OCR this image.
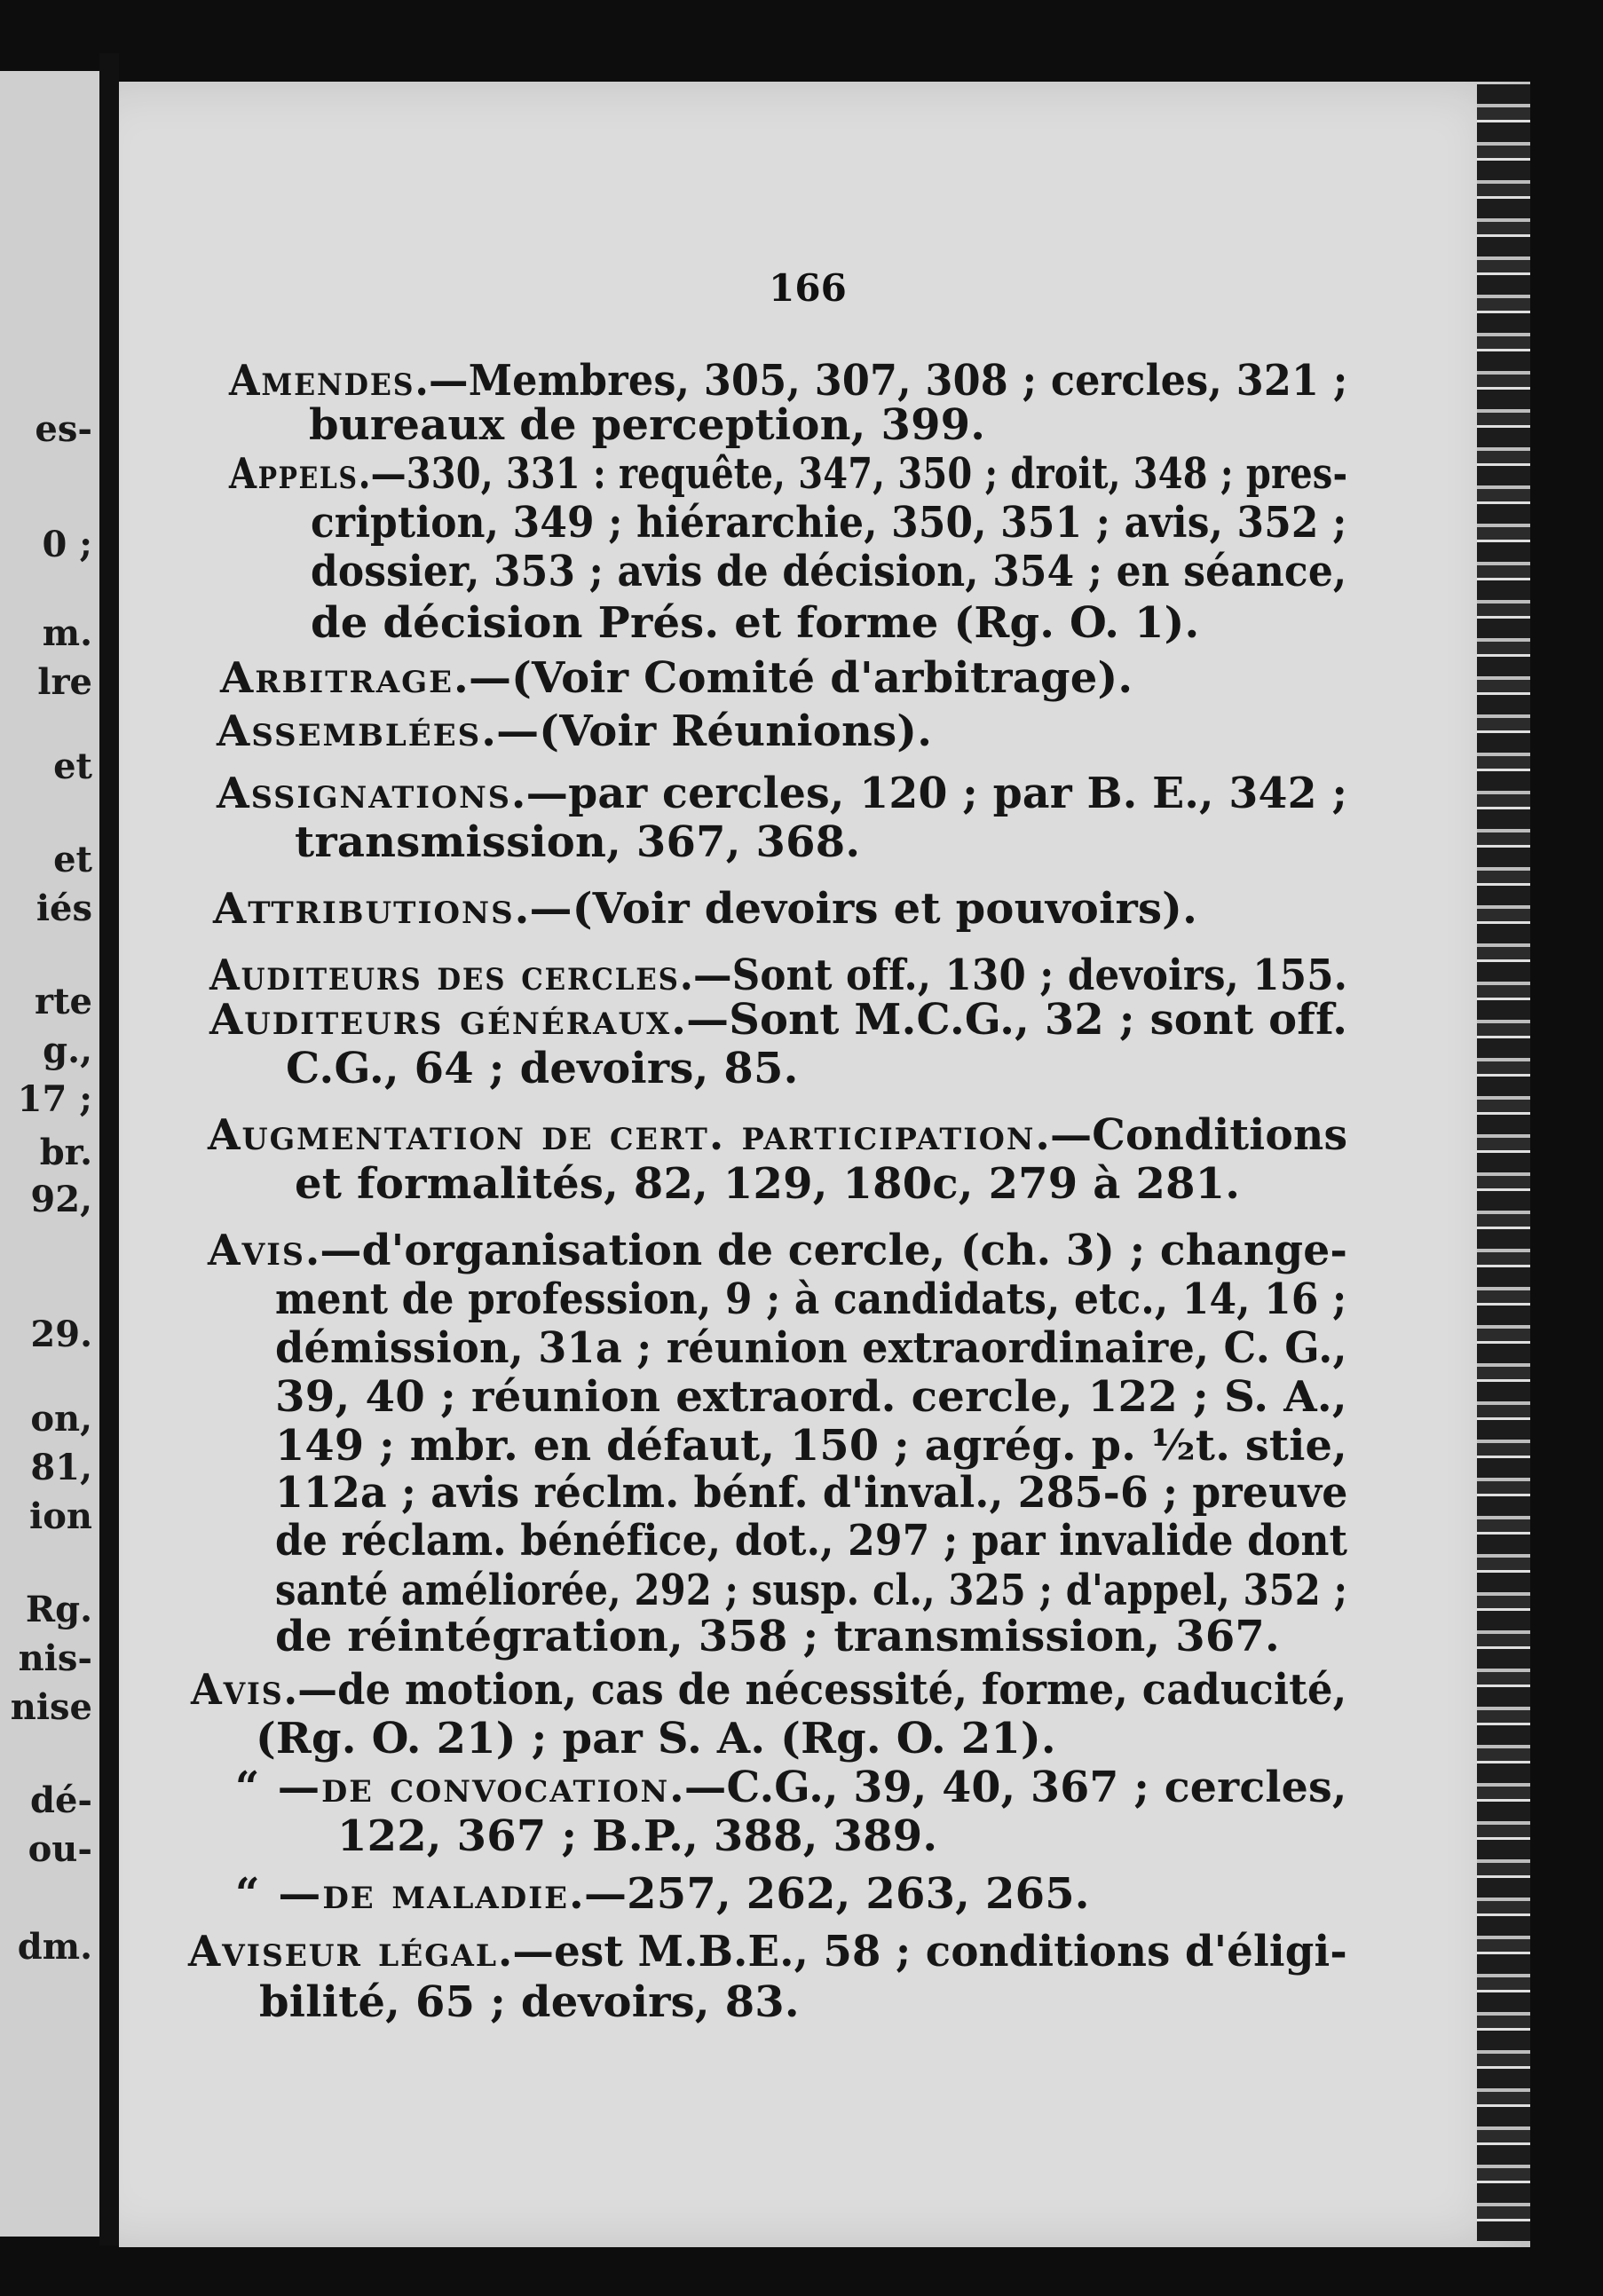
es-
0 ;
m.
lre
et
et
iés
rte
g.,
17 ;
br.
92,
29.
on,
81,
ion
Rg.
nis-
nise
dé-
ou-
dm.
166
Amendes.—Membres, 305, 307, 308 ; cercles, 321 ;
bureaux de perception, 399.
Appels.—330, 331 : requête, 347, 350 ; droit, 348 ; pres-
cription, 349 ; hiérarchie, 350, 351 ; avis, 352 ;
dossier, 353 ; avis de décision, 354 ; en séance,
de décision Prés. et forme (Rg. O. 1).
Arbitrage.—(Voir Comité d'arbitrage).
Assemblées.—(Voir Réunions).
Assignations.—par cercles, 120 ; par B. E., 342 ;
transmission, 367, 368.
Attributions.—(Voir devoirs et pouvoirs).
Auditeurs des cercles.—Sont off., 130 ; devoirs, 155.
Auditeurs généraux.—Sont M.C.G., 32 ; sont off.
C.G., 64 ; devoirs, 85.
Augmentation de cert. participation.—Conditions
et formalités, 82, 129, 180c, 279 à 281.
Avis.—d'organisation de cercle, (ch. 3) ; change-
ment de profession, 9 ; à candidats, etc., 14, 16 ;
démission, 31a ; réunion extraordinaire, C. G.,
39, 40 ; réunion extraord. cercle, 122 ; S. A.,
149 ; mbr. en défaut, 150 ; agrég. p. ½t. stie,
112a ; avis réclm. bénf. d'inval., 285-6 ; preuve
de réclam. bénéfice, dot., 297 ; par invalide dont
santé améliorée, 292 ; susp. cl., 325 ; d'appel, 352 ;
de réintégration, 358 ; transmission, 367.
Avis.—de motion, cas de nécessité, forme, caducité,
(Rg. O. 21) ; par S. A. (Rg. O. 21).
“ —de convocation.—C.G., 39, 40, 367 ; cercles,
122, 367 ; B.P., 388, 389.
“ —de maladie.—257, 262, 263, 265.
Aviseur légal.—est M.B.E., 58 ; conditions d'éligi-
bilité, 65 ; devoirs, 83.
